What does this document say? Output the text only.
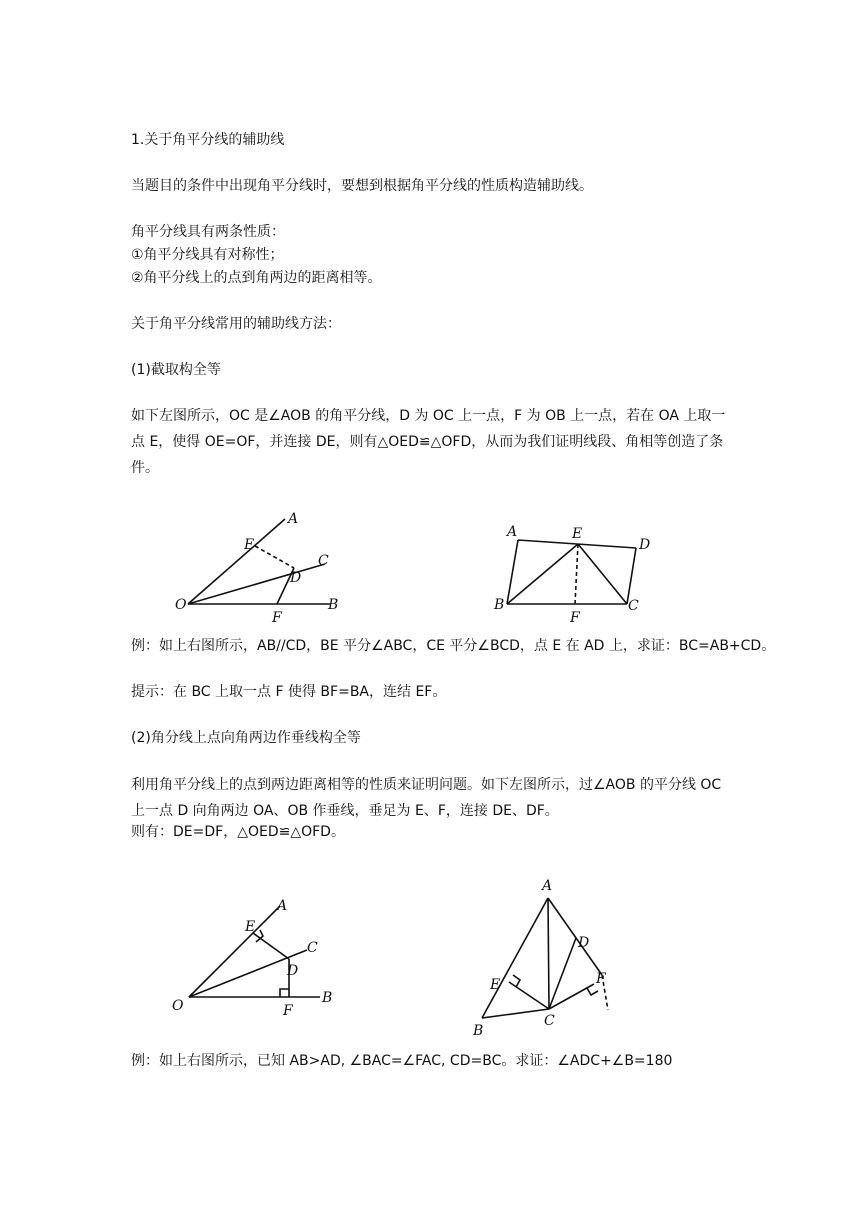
1.关于角平分线的辅助线
当题目的条件中出现角平分线时，要想到根据角平分线的性质构造辅助线。
角平分线具有两条性质：
①角平分线具有对称性；
②角平分线上的点到角两边的距离相等。
关于角平分线常用的辅助线方法：
(1)截取构全等
如下左图所示，OC 是∠AOB 的角平分线，D 为 OC 上一点，F 为 OB 上一点，若在 OA 上取一点 E，使得 OE=OF，并连接 DE，则有△OED≌△OFD，从而为我们证明线段、角相等创造了条件。
A
E
C
D
O
F
B
A	E
D
B
F
C
例：如上右图所示，AB//CD，BE 平分∠ABC，CE 平分∠BCD，点 E 在 AD 上，求证：BC=AB+CD。
提示：在 BC 上取一点 F 使得 BF=BA，连结 EF。
(2)角分线上点向角两边作垂线构全等
利用角平分线上的点到两边距离相等的性质来证明问题。如下左图所示，过∠AOB 的平分线 OC 上一点 D 向角两边 OA、OB 作垂线，垂足为 E、F，连接 DE、DF。
则有：DE=DF，△OED≌△OFD。
E
A
C
D
O	F
B
A
D
E	F
C
B
例：如上右图所示，已知 AB>AD, ∠BAC=∠FAC, CD=BC。求证：∠ADC+∠B=180
